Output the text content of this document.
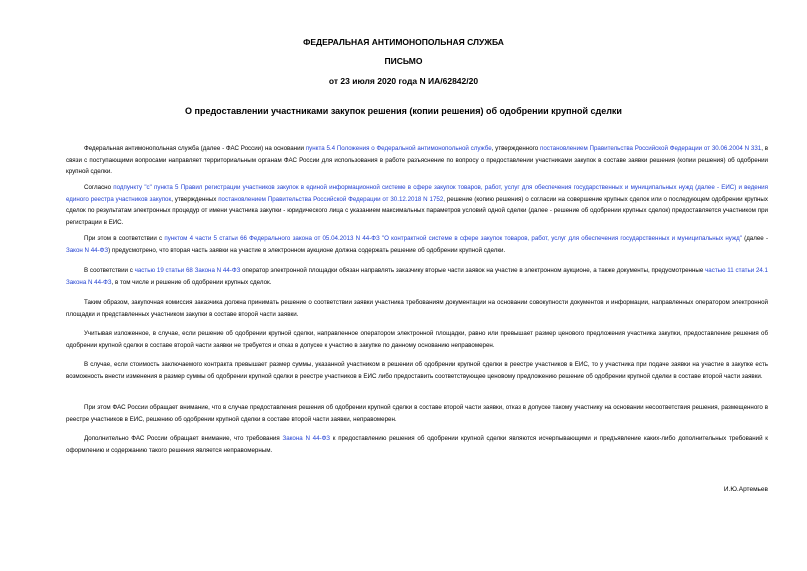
ФЕДЕРАЛЬНАЯ АНТИМОНОПОЛЬНАЯ СЛУЖБА
ПИСЬМО
от 23 июля 2020 года N ИА/62842/20
О предоставлении участниками закупок решения (копии решения) об одобрении крупной сделки

Федеральная антимонопольная служба (далее - ФАС России) на основании пункта 5.4 Положения о Федеральной антимонопольной службе, утвержденного постановлением Правительства Российской Федерации от 30.06.2004 N 331, в связи с поступающими вопросами направляет территориальным органам ФАС России для использования в работе разъяснение по вопросу о предоставлении участниками закупок в составе заявки решения (копии решения) об одобрении крупной сделки.

Согласно подпункту "с" пункта 5 Правил регистрации участников закупок в единой информационной системе в сфере закупок товаров, работ, услуг для обеспечения государственных и муниципальных нужд (далее - ЕИС) и ведения единого реестра участников закупок, утвержденных постановлением Правительства Российской Федерации от 30.12.2018 N 1752, решение (копию решения) о согласии на совершение крупных сделок или о последующем одобрении крупных сделок по результатам электронных процедур от имени участника закупки - юридического лица с указанием максимальных параметров условий одной сделки (далее - решение об одобрении крупных сделок) предоставляется участником при регистрации в ЕИС.

При этом в соответствии с пунктом 4 части 5 статьи 66 Федерального закона от 05.04.2013 N 44-ФЗ "О контрактной системе в сфере закупок товаров, работ, услуг для обеспечения государственных и муниципальных нужд" (далее - Закон N 44-ФЗ) предусмотрено, что вторая часть заявки на участие в электронном аукционе должна содержать решение об одобрении крупной сделки.

В соответствии с частью 19 статьи 68 Закона N 44-ФЗ оператор электронной площадки обязан направлять заказчику вторые части заявок на участие в электронном аукционе, а также документы, предусмотренные частью 11 статьи 24.1 Закона N 44-ФЗ, в том числе и решение об одобрении крупных сделок.

Таким образом, закупочная комиссия заказчика должна принимать решение о соответствии заявки участника требованиям документации на основании совокупности документов и информации, направленных оператором электронной площадки и представленных участником закупки в составе второй части заявки.

Учитывая изложенное, в случае, если решение об одобрении крупной сделки, направленное оператором электронной площадки, равно или превышает размер ценового предложения участника закупки, предоставление решения об одобрении крупной сделки в составе второй части заявки не требуется и отказ в допуске к участию в закупке по данному основанию неправомерен.

В случае, если стоимость заключаемого контракта превышает размер суммы, указанной участником в решении об одобрении крупной сделки в реестре участников в ЕИС, то у участника при подаче заявки на участие в закупке есть возможность внести изменения в размер суммы об одобрении крупной сделки в реестре участников в ЕИС либо предоставить соответствующее ценовому предложению решение об одобрении крупной сделки в составе второй части заявки.

При этом ФАС России обращает внимание, что в случае предоставления решения об одобрении крупной сделки в составе второй части заявки, отказ в допуске такому участнику на основании несоответствия решения, размещенного в реестре участников в ЕИС, решению об одобрении крупной сделки в составе второй части заявки, неправомерен.

Дополнительно ФАС России обращает внимание, что требования Закона N 44-ФЗ к предоставлению решения об одобрении крупной сделки являются исчерпывающими и предъявление каких-либо дополнительных требований к оформлению и содержанию такого решения является неправомерным.

И.Ю.Артемьев
